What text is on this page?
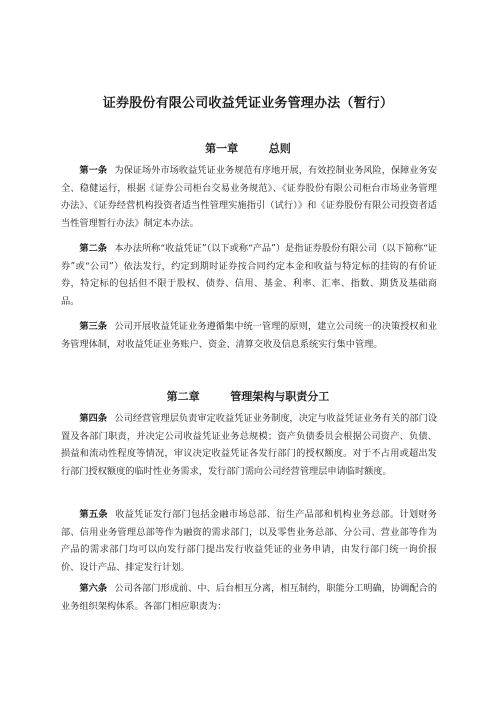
证券股份有限公司收益凭证业务管理办法（暂行）
第一章        总则

第一条 为保证场外市场收益凭证业务规范有序地开展，有效控制业务风险，保障业务安全、稳健运行，根据《证券公司柜台交易业务规范》、《证券股份有限公司柜台市场业务管理办法》、《证券经营机构投资者适当性管理实施指引（试行）》和《证券股份有限公司投资者适当性管理暂行办法》制定本办法。

第二条 本办法所称“收益凭证”（以下或称“产品”）是指证券股份有限公司（以下简称“证券”或“公司”）依法发行，约定到期时证券按合同约定本金和收益与特定标的挂钩的有价证券，特定标的包括但不限于股权、债券、信用、基金、利率、汇率、指数、期货及基础商品。

第三条 公司开展收益凭证业务遵循集中统一管理的原则，建立公司统一的决策授权和业务管理体制，对收益凭证业务账户、资金、清算交收及信息系统实行集中管理。

第二章        管理架构与职责分工

第四条 公司经营管理层负责审定收益凭证业务制度，决定与收益凭证业务有关的部门设置及各部门职责，并决定公司收益凭证业务总规模；资产负债委员会根据公司资产、负债、损益和流动性程度等情况，审议决定收益凭证各发行部门的授权额度。对于不占用或超出发行部门授权额度的临时性业务需求，发行部门需向公司经营管理层申请临时额度。

第五条 收益凭证发行部门包括金融市场总部、衍生产品部和机构业务总部。计划财务部、信用业务管理总部等作为融资的需求部门，以及零售业务总部、分公司、营业部等作为产品的需求部门均可以向发行部门提出发行收益凭证的业务申请，由发行部门统一询价报价、设计产品、排定发行计划。

第六条 公司各部门形成前、中、后台相互分离，相互制约，职能分工明确，协调配合的业务组织架构体系。各部门相应职责为：
